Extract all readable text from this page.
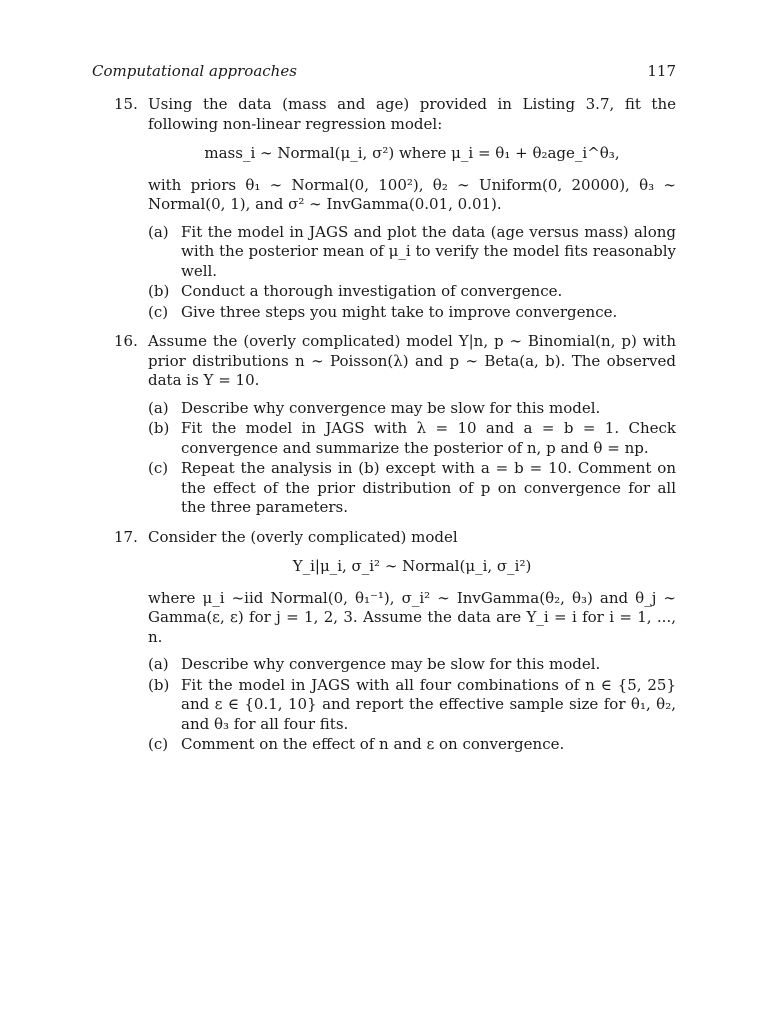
Computational approaches	117
15. Using the data (mass and age) provided in Listing 3.7, fit the following non-linear regression model:
mass_i ∼ Normal(μ_i, σ²) where μ_i = θ₁ + θ₂age_i^θ₃,
with priors θ₁ ∼ Normal(0, 100²), θ₂ ∼ Uniform(0, 20000), θ₃ ∼ Normal(0, 1), and σ² ∼ InvGamma(0.01, 0.01).
(a) Fit the model in JAGS and plot the data (age versus mass) along with the posterior mean of μ_i to verify the model fits reasonably well.
(b) Conduct a thorough investigation of convergence.
(c) Give three steps you might take to improve convergence.
16. Assume the (overly complicated) model Y|n, p ∼ Binomial(n, p) with prior distributions n ∼ Poisson(λ) and p ∼ Beta(a, b). The observed data is Y = 10.
(a) Describe why convergence may be slow for this model.
(b) Fit the model in JAGS with λ = 10 and a = b = 1. Check convergence and summarize the posterior of n, p and θ = np.
(c) Repeat the analysis in (b) except with a = b = 10. Comment on the effect of the prior distribution of p on convergence for all the three parameters.
17. Consider the (overly complicated) model
Y_i|μ_i, σ_i² ∼ Normal(μ_i, σ_i²)
where μ_i ~iid Normal(0, θ₁⁻¹), σ_i² ∼ InvGamma(θ₂, θ₃) and θ_j ∼ Gamma(ε, ε) for j = 1, 2, 3. Assume the data are Y_i = i for i = 1, ..., n.
(a) Describe why convergence may be slow for this model.
(b) Fit the model in JAGS with all four combinations of n ∈ {5, 25} and ε ∈ {0.1, 10} and report the effective sample size for θ₁, θ₂, and θ₃ for all four fits.
(c) Comment on the effect of n and ε on convergence.
